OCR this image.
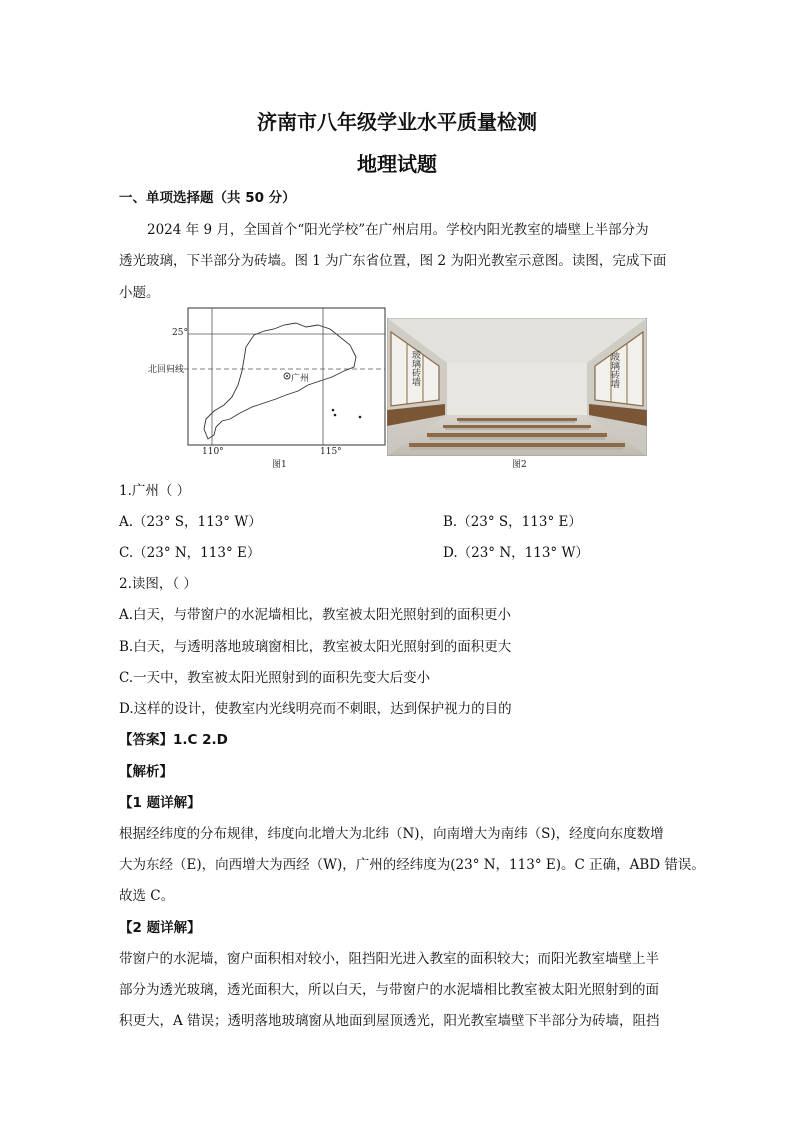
济南市八年级学业水平质量检测
地理试题
一、单项选择题（共 50 分）
2024 年 9 月，全国首个“阳光学校”在广州启用。学校内阳光教室的墙壁上半部分为
透光玻璃，下半部分为砖墙。图 1 为广东省位置，图 2 为阳光教室示意图。读图，完成下面
小题。
25°
北回归线
广州
110°	115°
图1
玻璃砖墙	玻璃砖墙
图2
1.广州（ ）
A.（23° S，113° W）	B.（23° S，113° E）
C.（23° N，113° E）	D.（23° N，113° W）
2.读图，（ ）
A.白天，与带窗户的水泥墙相比，教室被太阳光照射到的面积更小
B.白天，与透明落地玻璃窗相比，教室被太阳光照射到的面积更大
C.一天中，教室被太阳光照射到的面积先变大后变小
D.这样的设计，使教室内光线明亮而不刺眼，达到保护视力的目的
【答案】1.C 2.D
【解析】
【1 题详解】
根据经纬度的分布规律，纬度向北增大为北纬（N)，向南增大为南纬（S)，经度向东度数增
大为东经（E)，向西增大为西经（W)，广州的经纬度为(23° N，113° E)。C 正确，ABD 错误。
故选 C。
【2 题详解】
带窗户的水泥墙，窗户面积相对较小，阻挡阳光进入教室的面积较大；而阳光教室墙壁上半
部分为透光玻璃，透光面积大，所以白天，与带窗户的水泥墙相比教室被太阳光照射到的面
积更大，A 错误；透明落地玻璃窗从地面到屋顶透光，阳光教室墙壁下半部分为砖墙，阻挡
